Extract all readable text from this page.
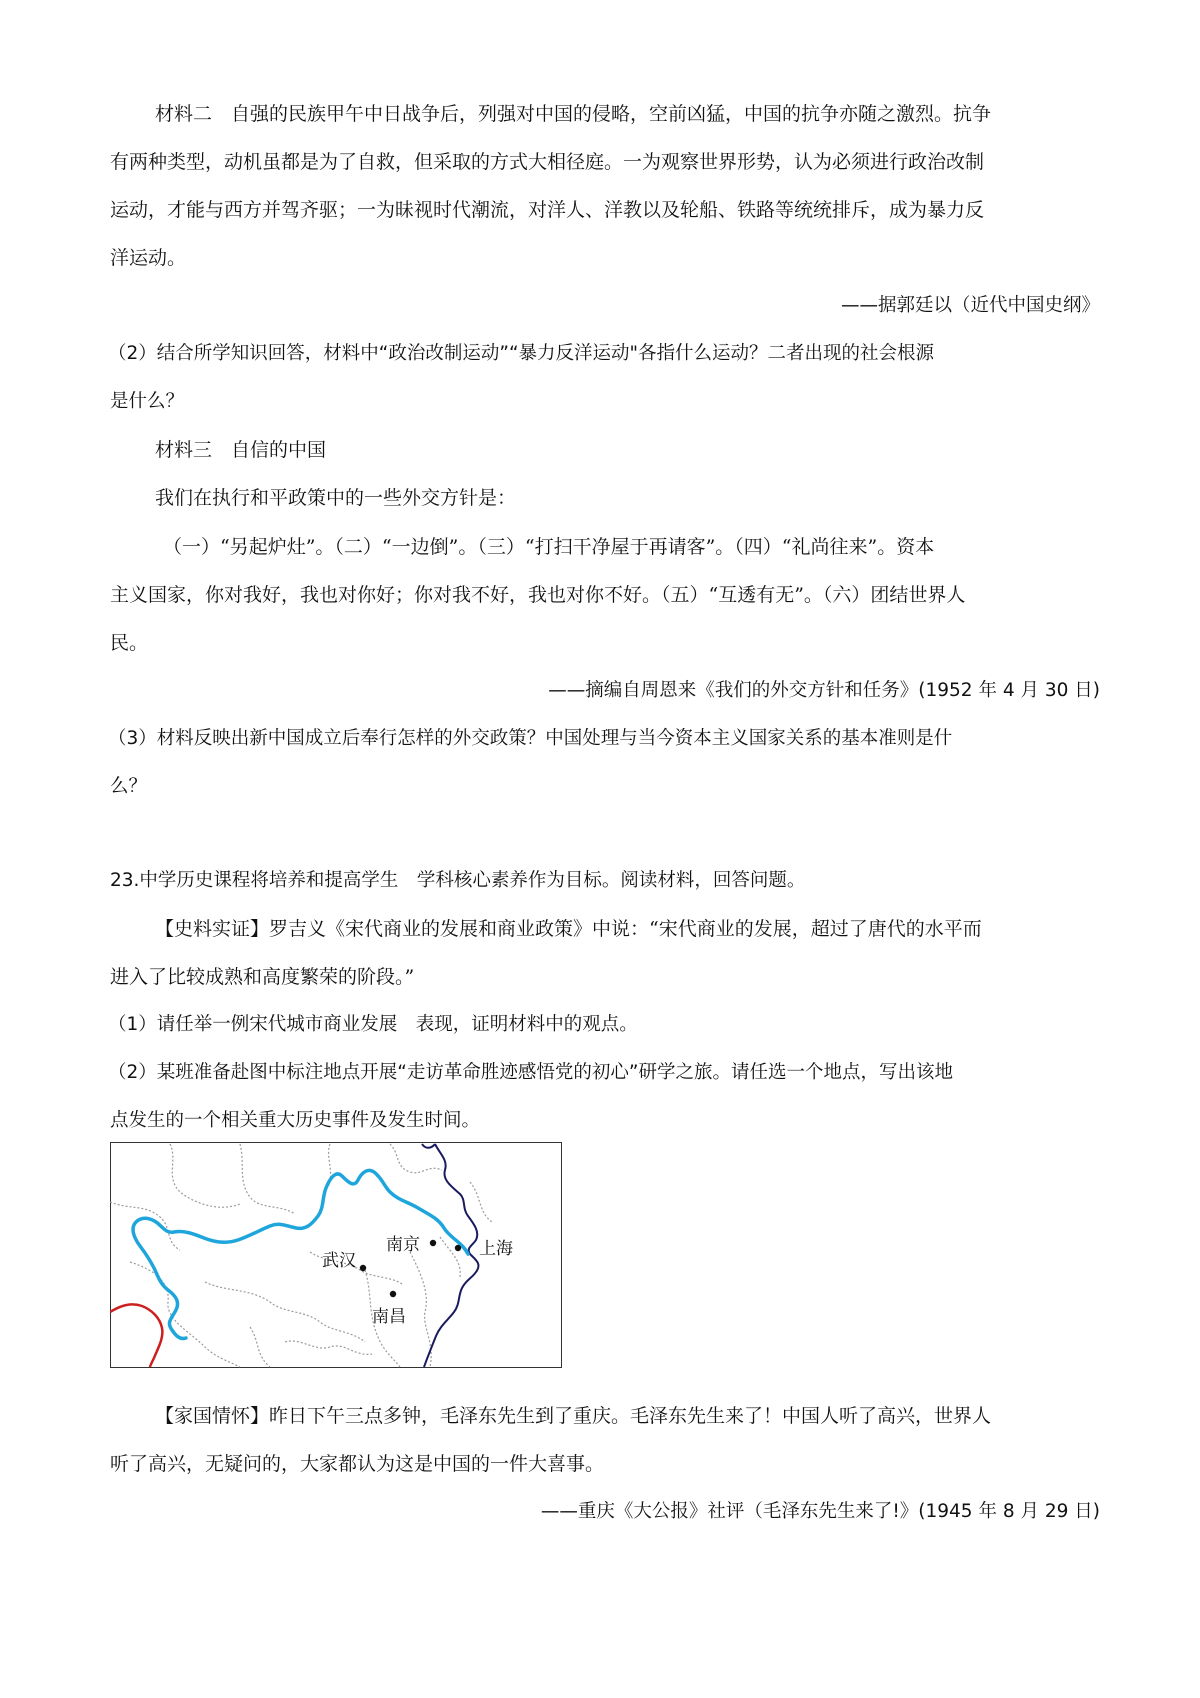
材料二　自强的民族甲午中日战争后，列强对中国的侵略，空前凶猛，中国的抗争亦随之激烈。抗争
有两种类型，动机虽都是为了自救，但采取的方式大相径庭。一为观察世界形势，认为必须进行政治改制
运动，才能与西方并驾齐驱；一为昧视时代潮流，对洋人、洋教以及轮船、铁路等统统排斥，成为暴力反
洋运动。
——据郭廷以（近代中国史纲》
（2）结合所学知识回答，材料中“政治改制运动”“暴力反洋运动"各指什么运动？二者出现的社会根源
是什么？
材料三　自信的中国
我们在执行和平政策中的一些外交方针是：
（一）“另起炉灶”。（二）“一边倒”。（三）“打扫干净屋于再请客”。（四）“礼尚往来”。资本
主义国家，你对我好，我也对你好；你对我不好，我也对你不好。（五）“互透有无”。（六）团结世界人
民。
——摘编自周恩来《我们的外交方针和任务》(1952 年 4 月 30 日)
（3）材料反映出新中国成立后奉行怎样的外交政策？中国处理与当今资本主义国家关系的基本准则是什
么？
23.中学历史课程将培养和提高学生　学科核心素养作为目标。阅读材料，回答问题。
【史料实证】罗吉义《宋代商业的发展和商业政策》中说：“宋代商业的发展，超过了唐代的水平而
进入了比较成熟和高度繁荣的阶段。”
（1）请任举一例宋代城市商业发展　表现，证明材料中的观点。
（2）某班准备赴图中标注地点开展“走访革命胜迹感悟党的初心”研学之旅。请任选一个地点，写出该地
点发生的一个相关重大历史事件及发生时间。
武汉
南京	上海
南昌
【家国情怀】昨日下午三点多钟，毛泽东先生到了重庆。毛泽东先生来了！中国人听了高兴，世界人
听了高兴，无疑问的，大家都认为这是中国的一件大喜事。
——重庆《大公报》社评（毛泽东先生来了!》(1945 年 8 月 29 日)
